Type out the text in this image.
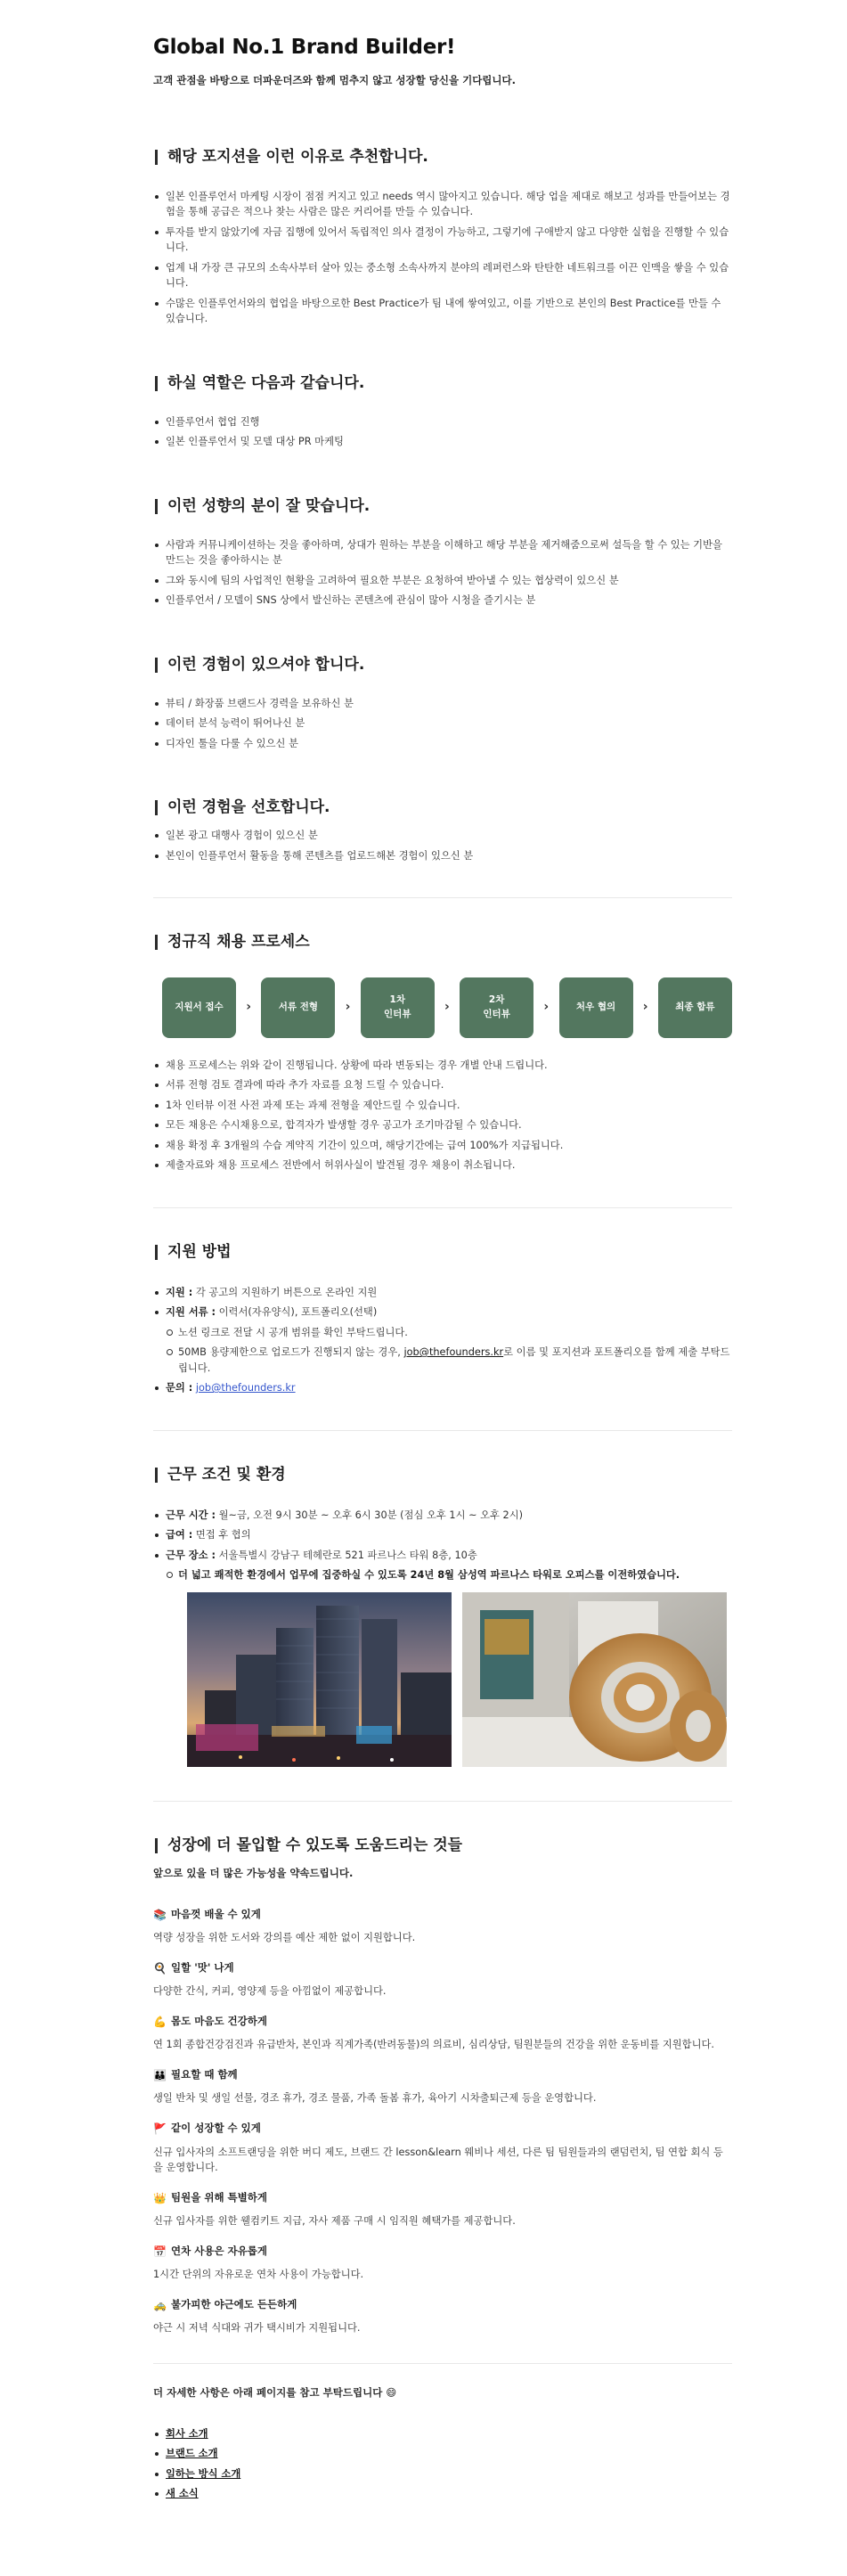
Global No.1 Brand Builder!

고객 관점을 바탕으로 더파운더즈와 함께 멈추지 않고 성장할 당신을 기다립니다.

해당 포지션을 이런 이유로 추천합니다.
일본 인플루언서 마케팅 시장이 점점 커지고 있고 needs 역시 많아지고 있습니다. 해당 업을 제대로 해보고 성과를 만들어보는 경험을 통해 공급은 적으나 찾는 사람은 많은 커리어를 만들 수 있습니다.
투자를 받지 않았기에 자금 집행에 있어서 독립적인 의사 결정이 가능하고, 그렇기에 구애받지 않고 다양한 실험을 진행할 수 있습니다.
업계 내 가장 큰 규모의 소속사부터 살아 있는 중소형 소속사까지 분야의 레퍼런스와 탄탄한 네트워크를 이끈 인맥을 쌓을 수 있습니다.
수많은 인플루언서와의 협업을 바탕으로한 Best Practice가 팀 내에 쌓여있고, 이를 기반으로 본인의 Best Practice를 만들 수 있습니다.
하실 역할은 다음과 같습니다.
인플루언서 협업 진행
일본 인플루언서 및 모델 대상 PR 마케팅
이런 성향의 분이 잘 맞습니다.
사람과 커뮤니케이션하는 것을 좋아하며, 상대가 원하는 부분을 이해하고 해당 부분을 제거해줌으로써 설득을 할 수 있는 기반을 만드는 것을 좋아하시는 분
그와 동시에 팀의 사업적인 현황을 고려하여 필요한 부분은 요청하여 받아낼 수 있는 협상력이 있으신 분
인플루언서 / 모델이 SNS 상에서 발신하는 콘텐츠에 관심이 많아 시청을 즐기시는 분
이런 경험이 있으셔야 합니다.
뷰티 / 화장품 브랜드사 경력을 보유하신 분
데이터 분석 능력이 뛰어나신 분
디자인 툴을 다룰 수 있으신 분
이런 경험을 선호합니다.
일본 광고 대행사 경험이 있으신 분
본인이 인플루언서 활동을 통해 콘텐츠를 업로드해본 경험이 있으신 분
정규직 채용 프로세스
지원서 접수 ›	서류 전형 ›	1차
인터뷰	›	2차
인터뷰	›	처우 협의 ›	최종 합류
채용 프로세스는 위와 같이 진행됩니다. 상황에 따라 변동되는 경우 개별 안내 드립니다.
서류 전형 검토 결과에 따라 추가 자료를 요청 드릴 수 있습니다.
1차 인터뷰 이전 사전 과제 또는 과제 전형을 제안드릴 수 있습니다.
모든 채용은 수시채용으로, 합격자가 발생할 경우 공고가 조기마감될 수 있습니다.
채용 확정 후 3개월의 수습 계약직 기간이 있으며, 해당기간에는 급여 100%가 지급됩니다.
제출자료와 채용 프로세스 전반에서 허위사실이 발견될 경우 채용이 취소됩니다.
지원 방법
지원 : 각 공고의 지원하기 버튼으로 온라인 지원
지원 서류 : 이력서(자유양식), 포트폴리오(선택)
노션 링크로 전달 시 공개 범위를 확인 부탁드립니다.
50MB 용량제한으로 업로드가 진행되지 않는 경우, job@thefounders.kr로 이름 및 포지션과 포트폴리오를 함께 제출 부탁드립니다.
문의 : job@thefounders.kr
근무 조건 및 환경
근무 시간 : 월~금, 오전 9시 30분 ~ 오후 6시 30분 (점심 오후 1시 ~ 오후 2시)
급여 : 면접 후 협의
근무 장소 : 서울특별시 강남구 테헤란로 521 파르나스 타워 8층, 10층
더 넓고 쾌적한 환경에서 업무에 집중하실 수 있도록 24년 8월 삼성역 파르나스 타워로 오피스를 이전하였습니다.
성장에 더 몰입할 수 있도록 도움드리는 것들

앞으로 있을 더 많은 가능성을 약속드립니다.

📚 마음껏 배울 수 있게

역량 성장을 위한 도서와 강의를 예산 제한 없이 지원합니다.

🍳 일할 '맛' 나게

다양한 간식, 커피, 영양제 등을 아낌없이 제공합니다.

💪 몸도 마음도 건강하게

연 1회 종합건강검진과 유급반차, 본인과 직계가족(반려동물)의 의료비, 심리상담, 팀원분들의 건강을 위한 운동비를 지원합니다.

👪 필요할 때 함께

생일 반차 및 생일 선물, 경조 휴가, 경조 물품, 가족 돌봄 휴가, 육아기 시차출퇴근제 등을 운영합니다.

🚩 같이 성장할 수 있게

신규 입사자의 소프트랜딩을 위한 버디 제도, 브랜드 간 lesson&learn 웨비나 세션, 다른 팀 팀원들과의 랜덤런치, 팀 연합 회식 등을 운영합니다.

👑 팀원을 위해 특별하게

신규 입사자를 위한 웰컴키트 지급, 자사 제품 구매 시 임직원 혜택가를 제공합니다.

📅 연차 사용은 자유롭게

1시간 단위의 자유로운 연차 사용이 가능합니다.

🚕 불가피한 야근에도 든든하게

야근 시 저녁 식대와 귀가 택시비가 지원됩니다.

더 자세한 사항은 아래 페이지를 참고 부탁드립니다 😄

회사 소개
브랜드 소개
일하는 방식 소개
새 소식
